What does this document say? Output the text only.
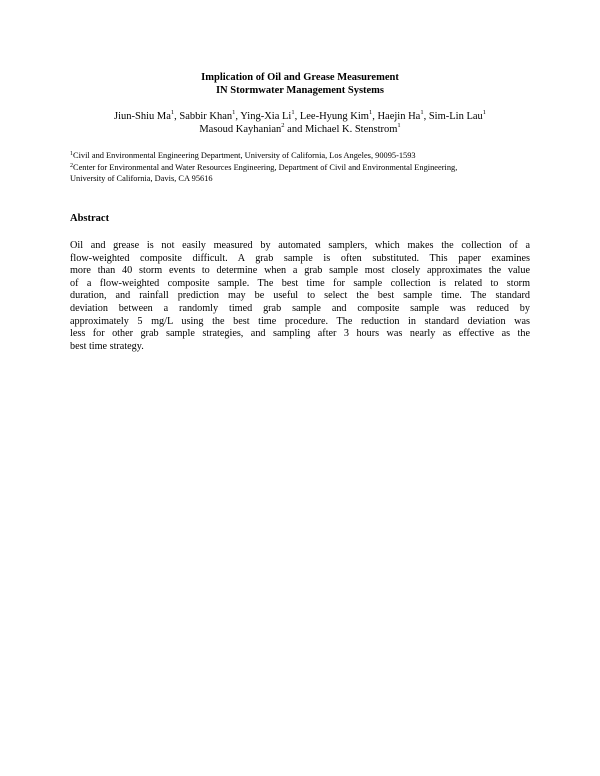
Implication of Oil and Grease Measurement
IN Stormwater Management Systems
Jiun-Shiu Ma$^1$, Sabbir Khan$^1$, Ying-Xia Li$^1$, Lee-Hyung Kim$^1$, Haejin Ha$^1$, Sim-Lin Lau$^1$
Masoud Kayhanian$^2$ and Michael K. Stenstrom$^1$
$^1$Civil and Environmental Engineering Department, University of California, Los Angeles, 90095-1593
$^2$Center for Environmental and Water Resources Engineering, Department of Civil and Environmental Engineering,
University of California, Davis, CA 95616
Abstract
Oil and grease is not easily measured by automated samplers, which makes the collection of a
flow-weighted composite difficult. A grab sample is often substituted. This paper examines
more than 40 storm events to determine when a grab sample most closely approximates the value
of a flow-weighted composite sample. The best time for sample collection is related to storm
duration, and rainfall prediction may be useful to select the best sample time. The standard
deviation between a randomly timed grab sample and composite sample was reduced by
approximately 5 mg/L using the best time procedure. The reduction in standard deviation was
less for other grab sample strategies, and sampling after 3 hours was nearly as effective as the
best time strategy.
